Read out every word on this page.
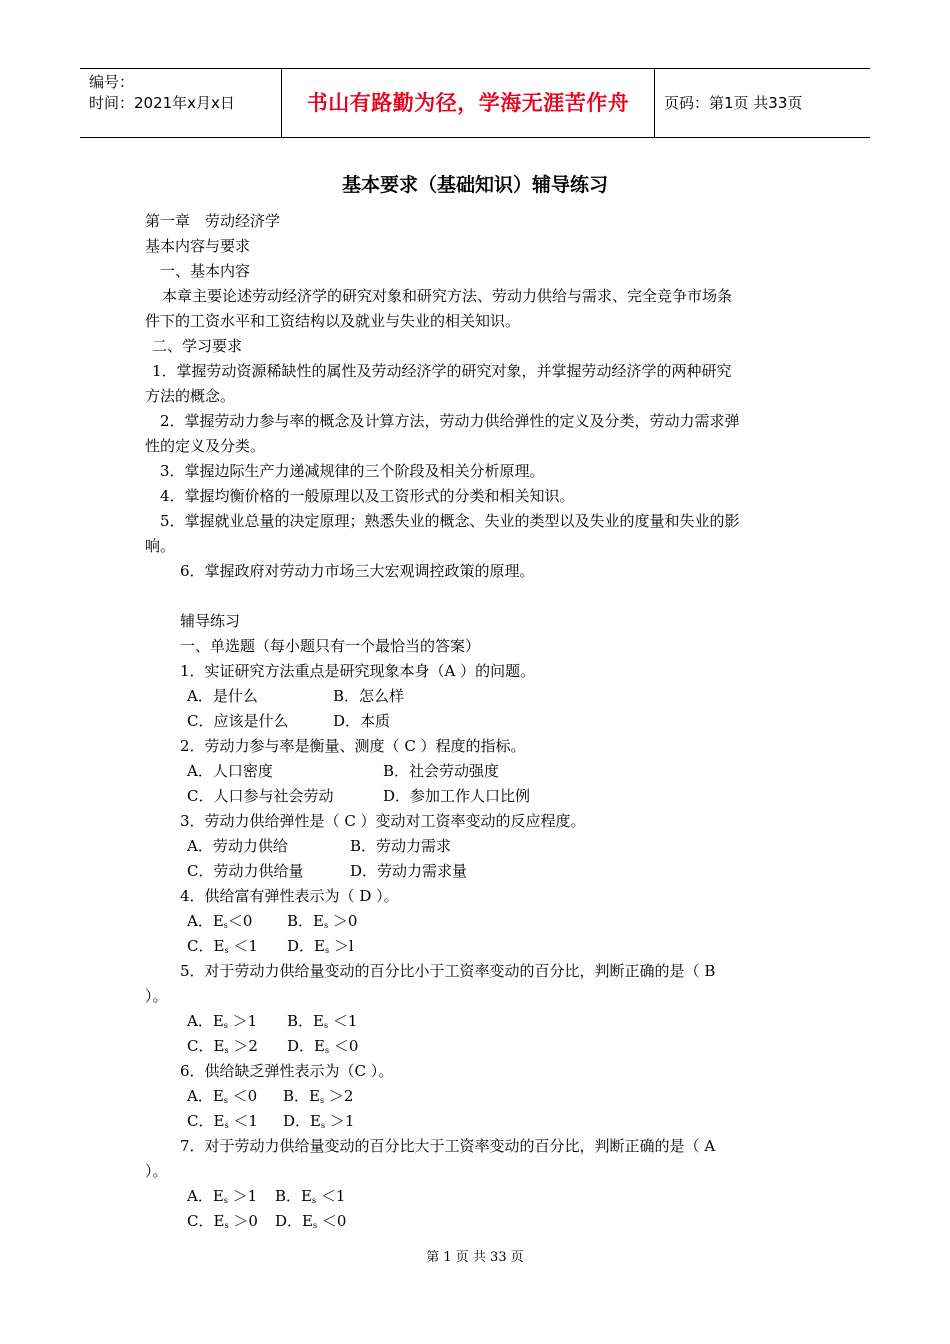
编号：
时间：2021年x月x日	书山有路勤为径，学海无涯苦作舟	页码：第1页 共33页
基本要求（基础知识）辅导练习
第一章　劳动经济学
基本内容与要求
一、基本内容
本章主要论述劳动经济学的研究对象和研究方法、劳动力供给与需求、完全竞争市场条
件下的工资水平和工资结构以及就业与失业的相关知识。
二、学习要求
1．掌握劳动资源稀缺性的属性及劳动经济学的研究对象，并掌握劳动经济学的两种研究
方法的概念。
2．掌握劳动力参与率的概念及计算方法，劳动力供给弹性的定义及分类，劳动力需求弹
性的定义及分类。
3．掌握边际生产力递减规律的三个阶段及相关分析原理。
4．掌握均衡价格的一般原理以及工资形式的分类和相关知识。
5．掌握就业总量的决定原理；熟悉失业的概念、失业的类型以及失业的度量和失业的影
响。
6．掌握政府对劳动力市场三大宏观调控政策的原理。
辅导练习
一、单选题（每小题只有一个最恰当的答案）
1．实证研究方法重点是研究现象本身（A ）的问题。
A．是什么	B．怎么样
C．应该是什么	D．本质
2．劳动力参与率是衡量、测度（ C ）程度的指标。
A．人口密度	B．社会劳动强度
C．人口参与社会劳动	D．参加工作人口比例
3．劳动力供给弹性是（ C ）变动对工资率变动的反应程度。
A．劳动力供给	B．劳动力需求
C．劳动力供给量	D．劳动力需求量
4．供给富有弹性表示为（ D ）。
A．$E_s<0$ B．$E_s >0$
C．$E_s <1$ D．$E_s >l$
5．对于劳动力供给量变动的百分比小于工资率变动的百分比，判断正确的是（ B
）。
A．$E_s >1$ B．$E_s <1$
C．$E_s >2$ D．$E_s <0$
6．供给缺乏弹性表示为（C ）。
A．$E_s <0$ B．$E_s >2$
C．$E_s <1$ D．$E_s >1$
7．对于劳动力供给量变动的百分比大于工资率变动的百分比，判断正确的是（ A
）。
A．$E_s >1$ B．$E_s <1$
C．$E_s >0$ D．$E_s <0$
第 1 页 共 33 页
